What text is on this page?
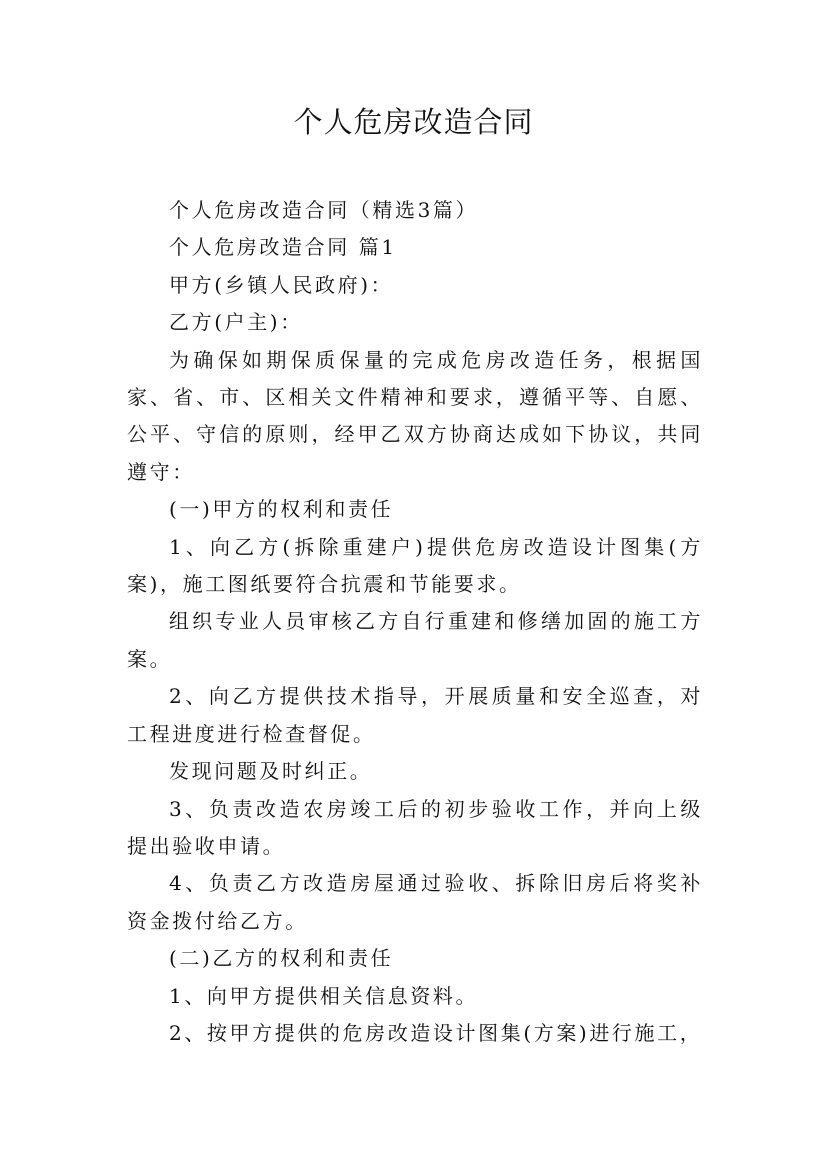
个人危房改造合同

个人危房改造合同（精选3篇）

个人危房改造合同 篇1

甲方(乡镇人民政府)：

乙方(户主)：

为确保如期保质保量的完成危房改造任务，根据国家、省、市、区相关文件精神和要求，遵循平等、自愿、公平、守信的原则，经甲乙双方协商达成如下协议，共同遵守：

(一)甲方的权利和责任

1、向乙方(拆除重建户)提供危房改造设计图集(方案)，施工图纸要符合抗震和节能要求。

组织专业人员审核乙方自行重建和修缮加固的施工方案。

2、向乙方提供技术指导，开展质量和安全巡查，对工程进度进行检查督促。

发现问题及时纠正。

3、负责改造农房竣工后的初步验收工作，并向上级提出验收申请。

4、负责乙方改造房屋通过验收、拆除旧房后将奖补资金拨付给乙方。

(二)乙方的权利和责任

1、向甲方提供相关信息资料。

2、按甲方提供的危房改造设计图集(方案)进行施工，
